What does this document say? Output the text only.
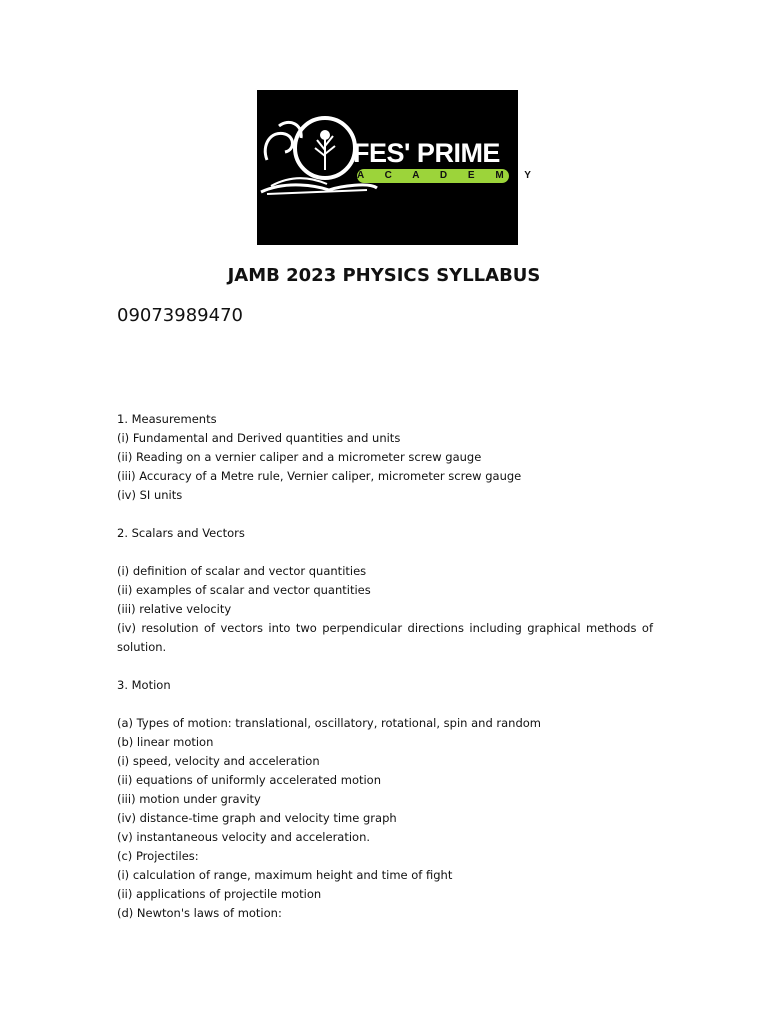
FES' PRIME
A C A D E M Y
JAMB 2023 PHYSICS SYLLABUS
09073989470

1. Measurements

(i) Fundamental and Derived quantities and units

(ii) Reading on a vernier caliper and a micrometer screw gauge

(iii) Accuracy of a Metre rule, Vernier caliper, micrometer screw gauge

(iv) SI units

2. Scalars and Vectors

(i) definition of scalar and vector quantities

(ii) examples of scalar and vector quantities

(iii) relative velocity

(iv) resolution of vectors into two perpendicular directions including graphical methods of solution.

3. Motion

(a) Types of motion: translational, oscillatory, rotational, spin and random

(b) linear motion

(i) speed, velocity and acceleration

(ii) equations of uniformly accelerated motion

(iii) motion under gravity

(iv) distance-time graph and velocity time graph

(v) instantaneous velocity and acceleration.

(c) Projectiles:

(i) calculation of range, maximum height and time of fight

(ii) applications of projectile motion

(d) Newton's laws of motion:
